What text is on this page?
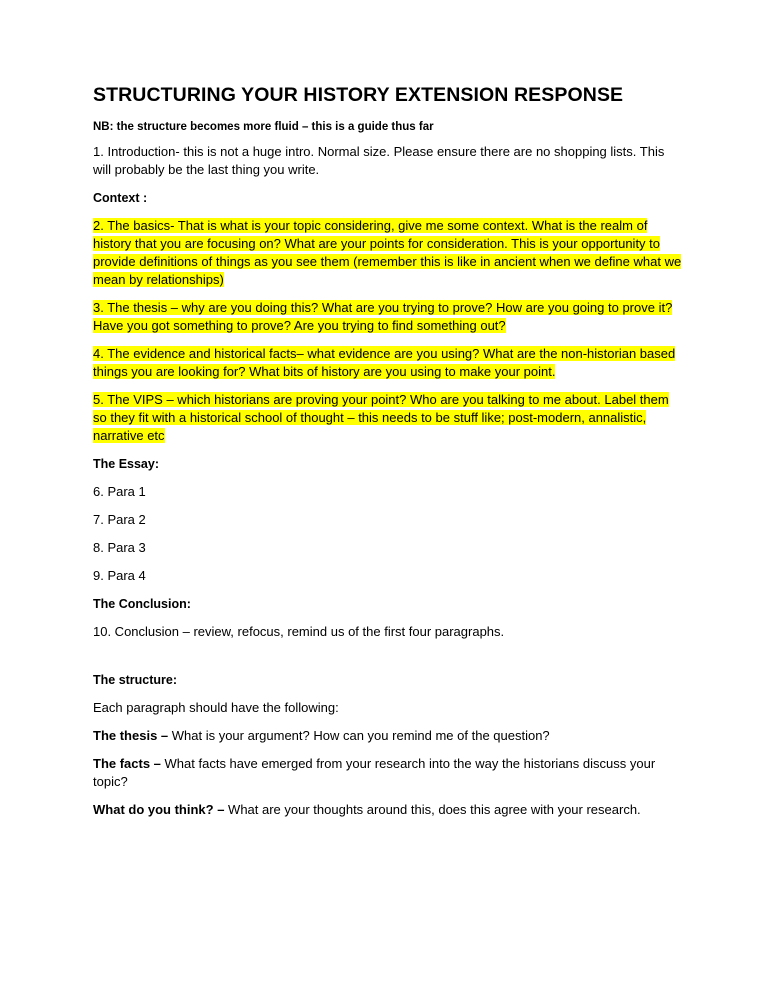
STRUCTURING YOUR HISTORY EXTENSION RESPONSE
NB: the structure becomes more fluid – this is a guide thus far

1. Introduction- this is not a huge intro. Normal size. Please ensure there are no shopping lists. This will probably be the last thing you write.

Context :

2. The basics- That is what is your topic considering, give me some context. What is the realm of history that you are focusing on? What are your points for consideration. This is your opportunity to provide definitions of things as you see them (remember this is like in ancient when we define what we mean by relationships)

3. The thesis – why are you doing this? What are you trying to prove? How are you going to prove it? Have you got something to prove? Are you trying to find something out?

4. The evidence and historical facts– what evidence are you using? What are the non-historian based things you are looking for? What bits of history are you using to make your point.

5. The VIPS – which historians are proving your point? Who are you talking to me about. Label them so they fit with a historical school of thought – this needs to be stuff like; post-modern, annalistic, narrative etc

The Essay:

6. Para 1

7. Para 2

8. Para 3

9. Para 4

The Conclusion:

10. Conclusion – review, refocus, remind us of the first four paragraphs.

The structure:

Each paragraph should have the following:

The thesis – What is your argument? How can you remind me of the question?

The facts – What facts have emerged from your research into the way the historians discuss your topic?

What do you think? – What are your thoughts around this, does this agree with your research.
